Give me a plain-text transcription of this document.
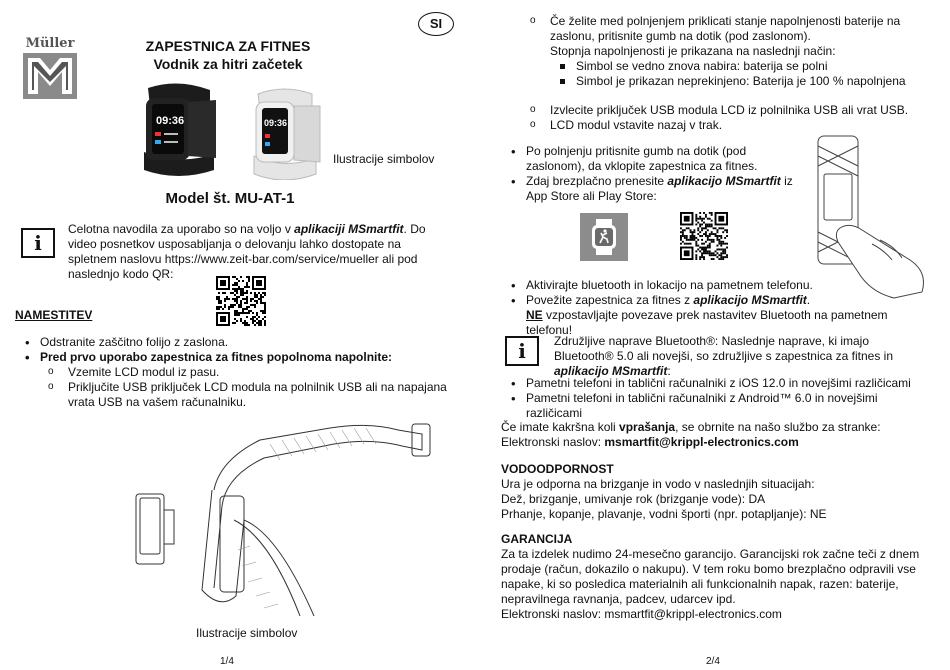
Müller	ZAPESTNICA ZA FITNES
Vodnik za hitri začetek
09:36	09:36
Ilustracije simbolov
Model št. MU-AT-1
i
Celotna navodila za uporabo so na voljo v aplikaciji MSmartfit. Do video posnetkov usposabljanja o delovanju lahko dostopate na spletnem naslovu https://www.zeit-bar.com/service/mueller ali pod naslednjo kodo QR:
NAMESTITEV
• Odstranite zaščitno folijo z zaslona.
• Pred prvo uporabo zapestnica za fitnes popolnoma napolnite:
o Vzemite LCD modul iz pasu.
o Priključite USB priključek LCD modula na polnilnik USB ali na napajana vrata USB na vašem računalniku.
Ilustracije simbolov
1/4
SI
o	Če želite med polnjenjem priklicati stanje napolnjenosti baterije na zaslonu, pritisnite gumb na dotik (pod zaslonom).
Stopnja napolnjenosti je prikazana na naslednji način:
Simbol se vedno znova nabira: baterija se polni
Simbol je prikazan neprekinjeno: Baterija je 100 % napolnjena
o Izvlecite priključek USB modula LCD iz polnilnika USB ali vrat USB.
o LCD modul vstavite nazaj v trak.
• Po polnjenju pritisnite gumb na dotik (pod zaslonom), da vklopite zapestnica za fitnes.
• Zdaj brezplačno prenesite aplikacijo MSmartfit iz App Store ali Play Store:
• Aktivirajte bluetooth in lokacijo na pametnem telefonu.
• Povežite zapestnica za fitnes z aplikacijo MSmartfit.
NE vzpostavljajte povezave prek nastavitev Bluetooth na pametnem telefonu!
i	Združljive naprave Bluetooth®: Naslednje naprave, ki imajo Bluetooth® 5.0 ali novejši, so združljive s zapestnica za fitnes in aplikacijo MSmartfit:
• Pametni telefoni in tablični računalniki z iOS 12.0 in novejšimi različicami
• Pametni telefoni in tablični računalniki z Android™ 6.0 in novejšimi različicami
Če imate kakršna koli vprašanja, se obrnite na našo službo za stranke:
Elektronski naslov: msmartfit@krippl-electronics.com
VODOODPORNOST
Ura je odporna na brizganje in vodo v naslednjih situacijah:
Dež, brizganje, umivanje rok (brizganje vode): DA
Prhanje, kopanje, plavanje, vodni športi (npr. potapljanje): NE
GARANCIJA
Za ta izdelek nudimo 24-mesečno garancijo. Garancijski rok začne teči z dnem prodaje (račun, dokazilo o nakupu). V tem roku bomo brezplačno odpravili vse napake, ki so posledica materialnih ali funkcionalnih napak, razen: baterije, nepravilnega ravnanja, padcev, udarcev ipd.
Elektronski naslov: msmartfit@krippl-electronics.com
2/4
